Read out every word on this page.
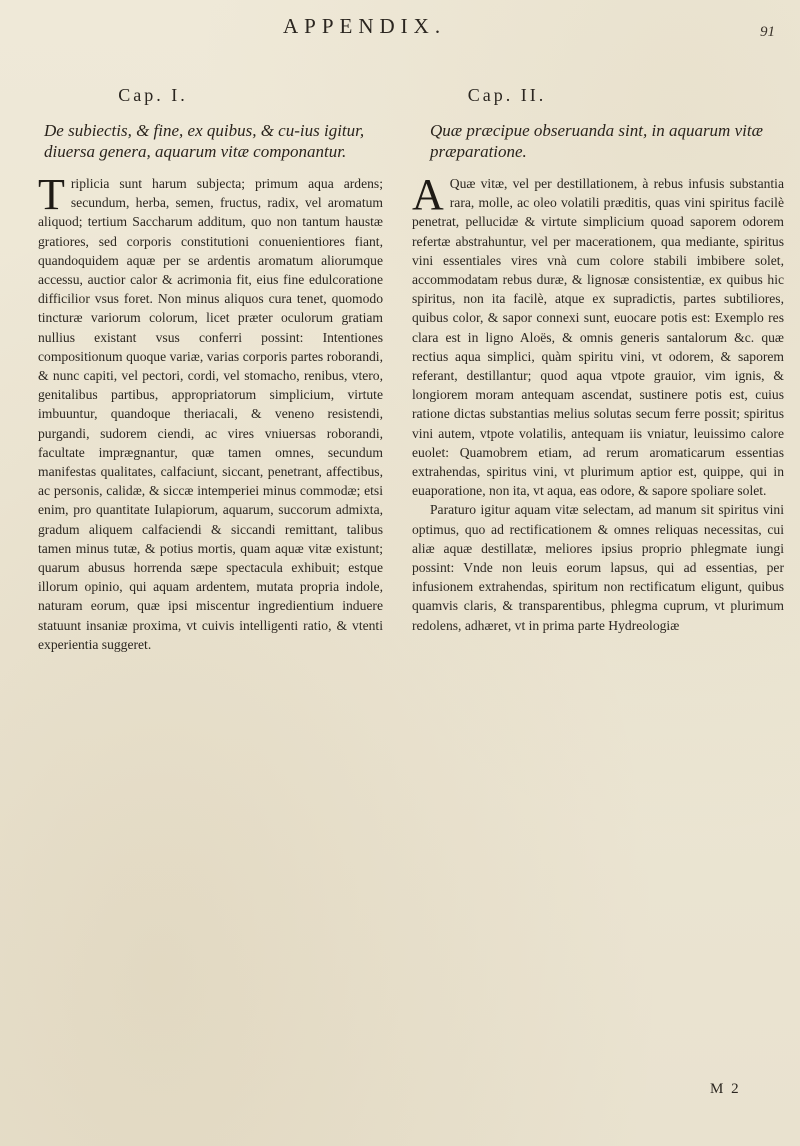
APPENDIX.	91
Cap. I.
De subiectis, & fine, ex quibus, & cu-ius igitur, diuersa genera, aquarum vitæ componantur.

Triplicia sunt harum subjecta; primum aqua ardens; secundum, herba, semen, fructus, radix, vel aromatum aliquod; tertium Saccharum additum, quo non tantum haustæ gratiores, sed corporis constitutioni conuenientiores fiant, quandoquidem aquæ per se ardentis aromatum aliorumque accessu, auctior calor & acrimonia fit, eius fine edulcoratione difficilior vsus foret. Non minus aliquos cura tenet, quomodo tincturæ variorum colorum, licet præter oculorum gratiam nullius existant vsus conferri possint: Intentiones compositionum quoque variæ, varias corporis partes roborandi, & nunc capiti, vel pectori, cordi, vel stomacho, renibus, vtero, genitalibus partibus, appropriatorum simplicium, virtute imbuuntur, quandoque theriacali, & veneno resistendi, purgandi, sudorem ciendi, ac vires vniuersas roborandi, facultate imprægnantur, quæ tamen omnes, secundum manifestas qualitates, calfaciunt, siccant, penetrant, affectibus, ac personis, calidæ, & siccæ intemperiei minus commodæ; etsi enim, pro quantitate Iulapiorum, aquarum, succorum admixta, gradum aliquem calfaciendi & siccandi remittant, talibus tamen minus tutæ, & potius mortis, quam aquæ vitæ existunt; quarum abusus horrenda sæpe spectacula exhibuit; estque illorum opinio, qui aquam ardentem, mutata propria indole, naturam eorum, quæ ipsi miscentur ingredientium induere statuunt insaniæ proxima, vt cuivis intelligenti ratio, & vtenti experientia suggeret.

Cap. II.
Quæ præcipue obseruanda sint, in aquarum vitæ præparatione.

A Quæ vitæ, vel per destillationem, à rebus infusis substantia rara, molle, ac oleo volatili præditis, quas vini spiritus facilè penetrat, pellucidæ & virtute simplicium quoad saporem odorem refertæ abstrahuntur, vel per macerationem, qua mediante, spiritus vini essentiales vires vnà cum colore stabili imbibere solet, accommodatam rebus duræ, & lignosæ consistentiæ, ex quibus hic spiritus, non ita facilè, atque ex supradictis, partes subtiliores, quibus color, & sapor connexi sunt, euocare potis est: Exemplo res clara est in ligno Aloës, & omnis generis santalorum &c. quæ rectius aqua simplici, quàm spiritu vini, vt odorem, & saporem referant, destillantur; quod aqua vtpote grauior, vim ignis, & longiorem moram antequam ascendat, sustinere potis est, cuius ratione dictas substantias melius solutas secum ferre possit; spiritus vini autem, vtpote volatilis, antequam iis vniatur, leuissimo calore euolet: Quamobrem etiam, ad rerum aromaticarum essentias extrahendas, spiritus vini, vt plurimum aptior est, quippe, qui in euaporatione, non ita, vt aqua, eas odore, & sapore spoliare solet.

Paraturo igitur aquam vitæ selectam, ad manum sit spiritus vini optimus, quo ad rectificationem & omnes reliquas necessitas, cui aliæ aquæ destillatæ, meliores ipsius proprio phlegmate iungi possint: Vnde non leuis eorum lapsus, qui ad essentias, per infusionem extrahendas, spiritum non rectificatum eligunt, quibus quamvis claris, & transparentibus, phlegma cuprum, vt plurimum redolens, adhæret, vt in prima parte Hydreologiæ

M 2
